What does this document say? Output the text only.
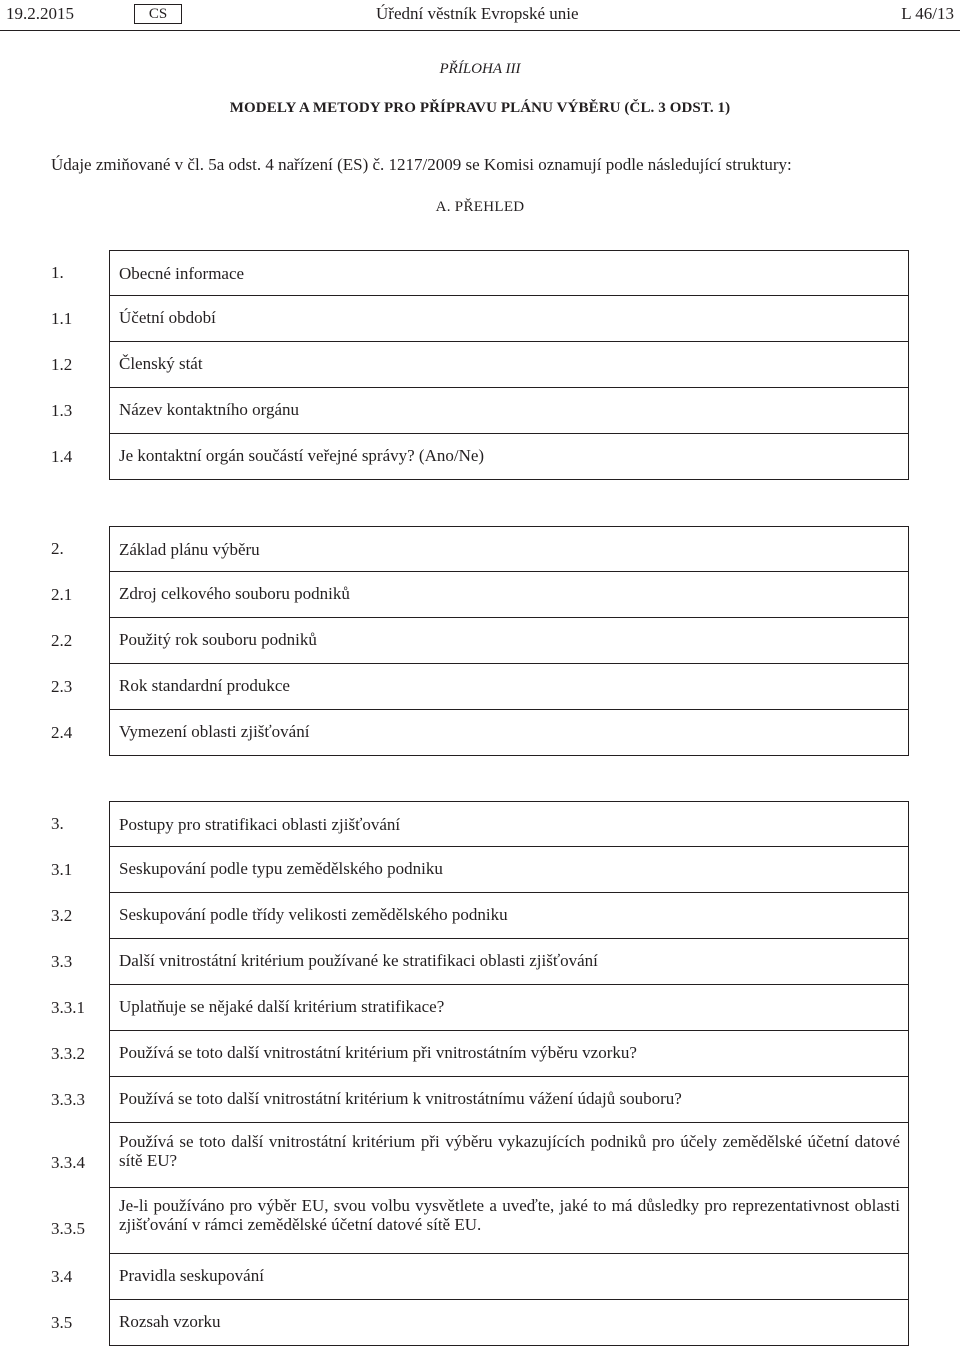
19.2.2015	CS	Úřední věstník Evropské unie	L 46/13
PŘÍLOHA III
MODELY A METODY PRO PŘÍPRAVU PLÁNU VÝBĚRU (ČL. 3 ODST. 1)
Údaje zmiňované v čl. 5a odst. 4 nařízení (ES) č. 1217/2009 se Komisi oznamují podle následující struktury:
A. PŘEHLED
1.	Obecné informace
1.1	Účetní období
1.2	Členský stát
1.3	Název kontaktního orgánu
1.4	Je kontaktní orgán součástí veřejné správy? (Ano/Ne)
2.	Základ plánu výběru
2.1	Zdroj celkového souboru podniků
2.2	Použitý rok souboru podniků
2.3	Rok standardní produkce
2.4	Vymezení oblasti zjišťování
3.	Postupy pro stratifikaci oblasti zjišťování
3.1	Seskupování podle typu zemědělského podniku
3.2	Seskupování podle třídy velikosti zemědělského podniku
3.3	Další vnitrostátní kritérium používané ke stratifikaci oblasti zjišťování
3.3.1 Uplatňuje se nějaké další kritérium stratifikace?
3.3.2 Používá se toto další vnitrostátní kritérium při vnitrostátním výběru vzorku?
3.3.3 Používá se toto další vnitrostátní kritérium k vnitrostátnímu vážení údajů souboru?
3.3.4
Používá se toto další vnitrostátní kritérium při výběru vykazujících podniků pro účely zemědělské účetní datové sítě EU?
3.3.5
Je-li používáno pro výběr EU, svou volbu vysvětlete a uveďte, jaké to má důsledky pro reprezentativnost oblasti zjišťování v rámci zemědělské účetní datové sítě EU.
3.4	Pravidla seskupování
3.5	Rozsah vzorku
